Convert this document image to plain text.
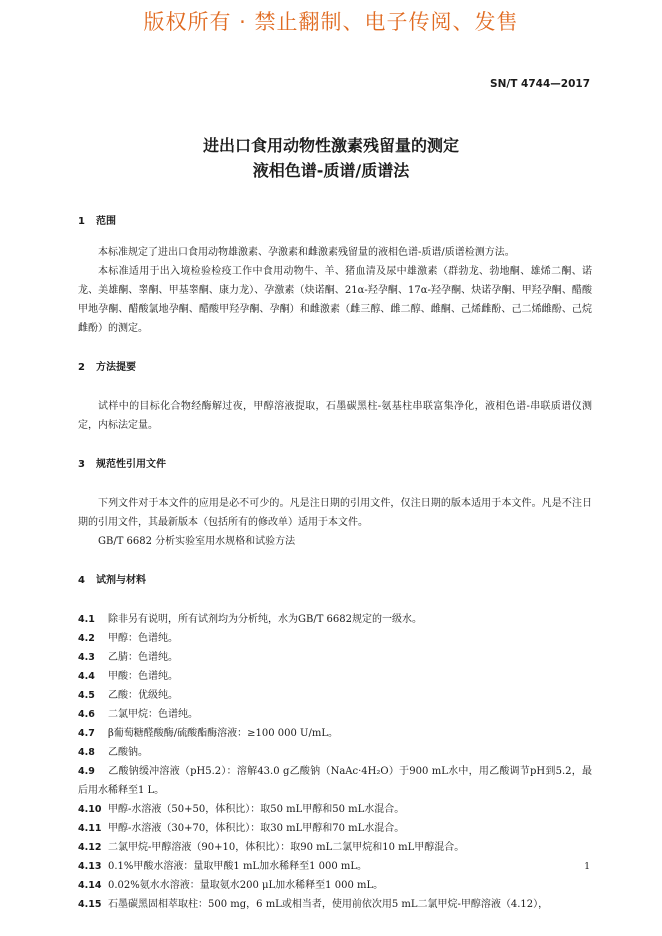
版权所有 · 禁止翻制、电子传阅、发售
SN/T 4744—2017
进出口食用动物性激素残留量的测定
液相色谱-质谱/质谱法

1 范围

本标准规定了进出口食用动物雄激素、孕激素和雌激素残留量的液相色谱-质谱/质谱检测方法。

本标准适用于出入境检验检疫工作中食用动物牛、羊、猪血清及尿中雄激素（群勃龙、勃地酮、雄烯二酮、诺龙、美雄酮、睾酮、甲基睾酮、康力龙）、孕激素（炔诺酮、21α-羟孕酮、17α-羟孕酮、炔诺孕酮、甲羟孕酮、醋酸甲地孕酮、醋酸氯地孕酮、醋酸甲羟孕酮、孕酮）和雌激素（雌三醇、雌二醇、雌酮、己烯雌酚、己二烯雌酚、己烷雌酚）的测定。

2 方法提要

试样中的目标化合物经酶解过夜，甲醇溶液提取，石墨碳黑柱-氨基柱串联富集净化，液相色谱-串联质谱仪测定，内标法定量。

3 规范性引用文件

下列文件对于本文件的应用是必不可少的。凡是注日期的引用文件，仅注日期的版本适用于本文件。凡是不注日期的引用文件，其最新版本（包括所有的修改单）适用于本文件。

GB/T 6682 分析实验室用水规格和试验方法

4 试剂与材料

4.1 除非另有说明，所有试剂均为分析纯，水为GB/T 6682规定的一级水。

4.2 甲醇：色谱纯。

4.3 乙腈：色谱纯。

4.4 甲酸：色谱纯。

4.5 乙酸：优级纯。

4.6 二氯甲烷：色谱纯。

4.7 β葡萄糖醛酸酶/硫酸酯酶溶液：≥100 000 U/mL。

4.8 乙酸钠。

4.9 乙酸钠缓冲溶液（pH5.2）：溶解43.0 g乙酸钠（NaAc·4H₂O）于900 mL水中，用乙酸调节pH到5.2，最后用水稀释至1 L。

4.10 甲醇-水溶液（50+50，体积比）：取50 mL甲醇和50 mL水混合。

4.11 甲醇-水溶液（30+70，体积比）：取30 mL甲醇和70 mL水混合。

4.12 二氯甲烷-甲醇溶液（90+10，体积比）：取90 mL二氯甲烷和10 mL甲醇混合。

4.13 0.1%甲酸水溶液：量取甲酸1 mL加水稀释至1 000 mL。

4.14 0.02%氨水水溶液：量取氨水200 μL加水稀释至1 000 mL。

4.15 石墨碳黑固相萃取柱：500 mg，6 mL或相当者，使用前依次用5 mL二氯甲烷-甲醇溶液（4.12），

1
